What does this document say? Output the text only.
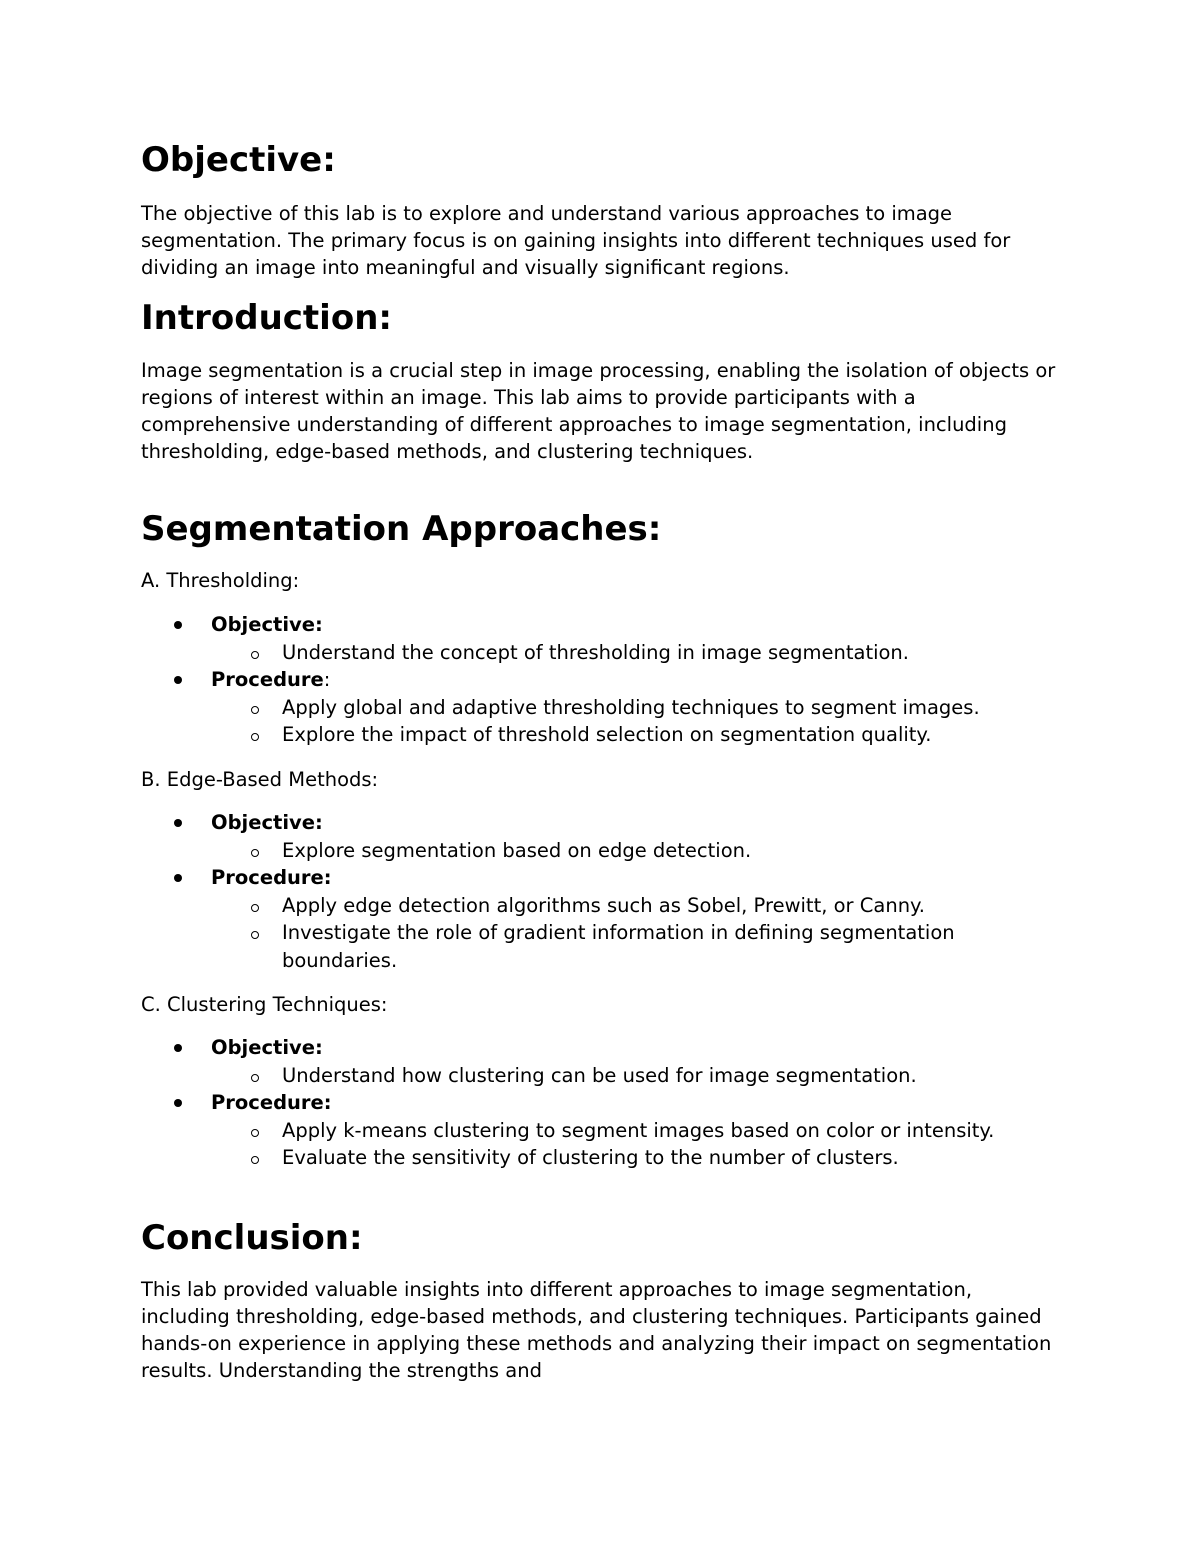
Objective:

The objective of this lab is to explore and understand various approaches to image segmentation. The primary focus is on gaining insights into different techniques used for dividing an image into meaningful and visually significant regions.

Introduction:

Image segmentation is a crucial step in image processing, enabling the isolation of objects or regions of interest within an image. This lab aims to provide participants with a comprehensive understanding of different approaches to image segmentation, including thresholding, edge-based methods, and clustering techniques.

Segmentation Approaches:
A. Thresholding:
Objective:
Understand the concept of thresholding in image segmentation.
Procedure:
Apply global and adaptive thresholding techniques to segment images.
Explore the impact of threshold selection on segmentation quality.
B. Edge-Based Methods:
Objective:
Explore segmentation based on edge detection.
Procedure:
Apply edge detection algorithms such as Sobel, Prewitt, or Canny.
Investigate the role of gradient information in defining segmentation boundaries.
C. Clustering Techniques:
Objective:
Understand how clustering can be used for image segmentation.
Procedure:
Apply k-means clustering to segment images based on color or intensity.
Evaluate the sensitivity of clustering to the number of clusters.
Conclusion:

This lab provided valuable insights into different approaches to image segmentation, including thresholding, edge-based methods, and clustering techniques. Participants gained hands-on experience in applying these methods and analyzing their impact on segmentation results. Understanding the strengths and
